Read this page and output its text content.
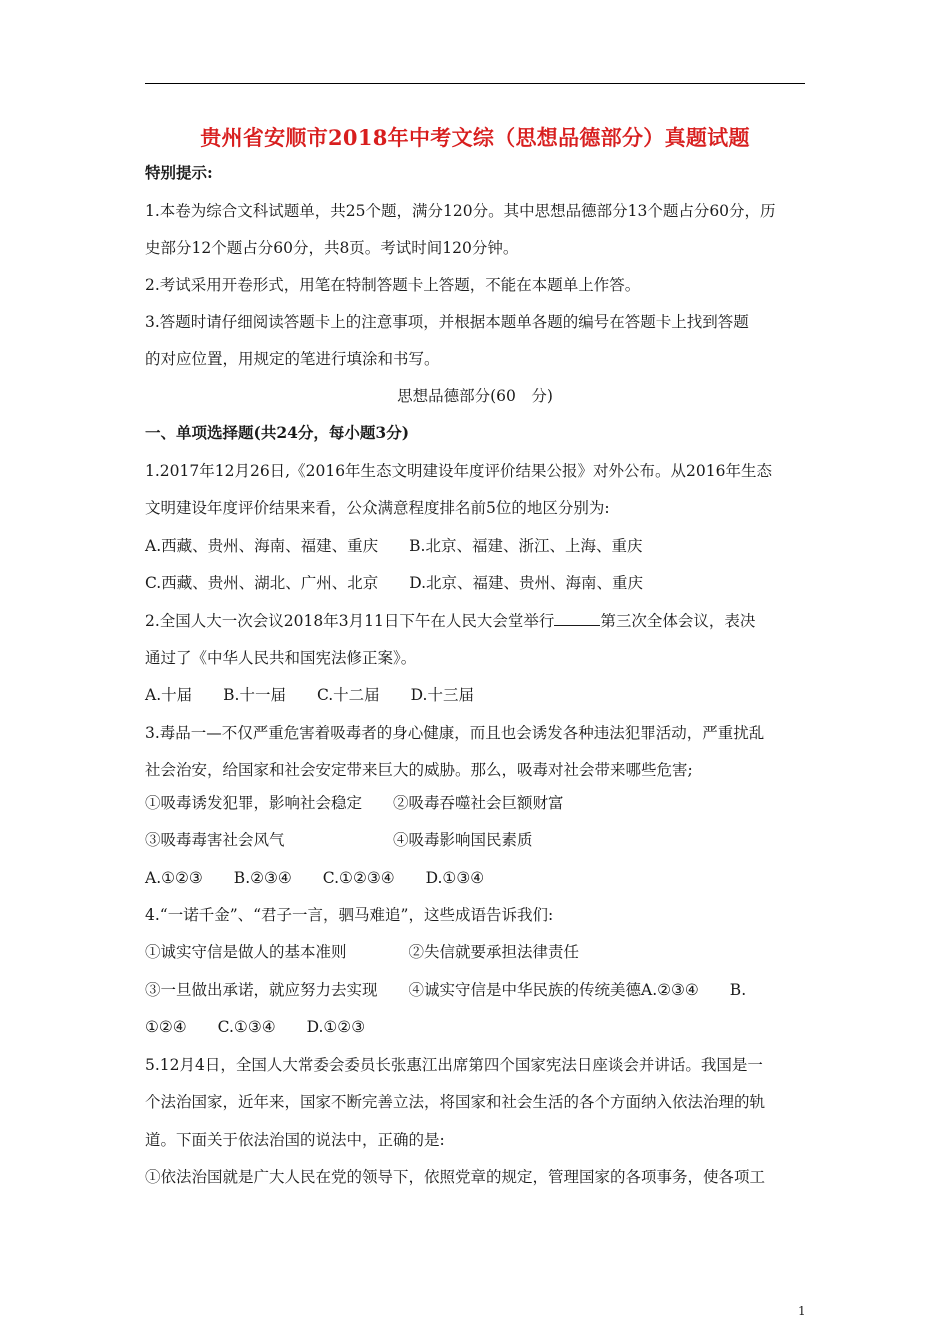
贵州省安顺市2018年中考文综（思想品德部分）真题试题
特别提示:
1.本卷为综合文科试题单，共25个题，满分120分。其中思想品德部分13个题占分60分，历
史部分12个题占分60分，共8页。考试时间120分钟。
2.考试采用开卷形式，用笔在特制答题卡上答题，不能在本题单上作答。
3.答题时请仔细阅读答题卡上的注意事项，并根据本题单各题的编号在答题卡上找到答题
的对应位置，用规定的笔进行填涂和书写。
思想品德部分(60　分)
一、单项选择题(共24分，每小题3分)
1.2017年12月26日,《2016年生态文明建设年度评价结果公报》对外公布。从2016年生态
文明建设年度评价结果来看，公众满意程度排名前5位的地区分别为:
A.西藏、贵州、海南、福建、重庆　　B.北京、福建、浙江、上海、重庆
C.西藏、贵州、湖北、广州、北京　　D.北京、福建、贵州、海南、重庆
2.全国人大一次会议2018年3月11日下午在人民大会堂举行	第三次全体会议，表决
通过了《中华人民共和国宪法修正案》。
A.十届　　B.十一届　　C.十二届　　D.十三届
3.毒品一—不仅严重危害着吸毒者的身心健康，而且也会诱发各种违法犯罪活动，严重扰乱
社会治安，给国家和社会安定带来巨大的威胁。那么，吸毒对社会带来哪些危害;
①吸毒诱发犯罪，影响社会稳定　　②吸毒吞噬社会巨额财富
③吸毒毒害社会风气　　　　　　　④吸毒影响国民素质
A.①②③　　B.②③④　　C.①②③④　　D.①③④
4.“一诺千金”、“君子一言，驷马难追”，这些成语告诉我们:
①诚实守信是做人的基本准则　　　　②失信就要承担法律责任
③一旦做出承诺，就应努力去实现　　④诚实守信是中华民族的传统美德A.②③④　　B.
①②④　　C.①③④　　D.①②③
5.12月4日，全国人大常委会委员长张惠江出席第四个国家宪法日座谈会并讲话。我国是一
个法治国家，近年来，国家不断完善立法，将国家和社会生活的各个方面纳入依法治理的轨
道。下面关于依法治国的说法中，正确的是:
①依法治国就是广大人民在党的领导下，依照党章的规定，管理国家的各项事务，使各项工
1
